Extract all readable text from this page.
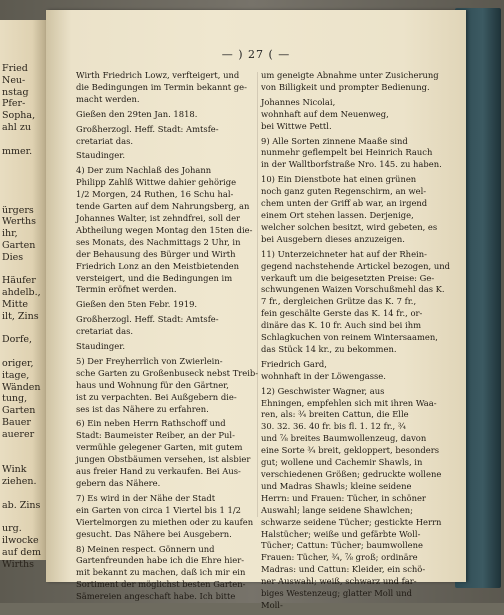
Fried
Neu-
nstag
Pfer-
Sopha,
ahl zu
mmer.
ürgers
Werths
ihr,
Garten
Dies
Häufer
ahdelb.,
Mitte
ilt, Zins
Dorfe,
origer,
itage,
Wänden
tung,
Garten
Bauer
auerer
Wink
ziehen.
ab. Zins
urg.
ilwocke
auf dem
Wirths
— ) 27 ( —

Wirth Friedrich Lowz, verfteigert, und
die Bedingungen im Termin bekannt ge-
macht werden.

Gießen den 29ten Jan. 1818.

Großherzogl. Heff. Stadt: Amtsfe-
cretariat das.

Staudinger.

4) Der zum Nachlaß des Johann
Philipp Zahlß Wittwe dahier gehörige
1/2 Morgen, 24 Ruthen, 16 Schu hal-
tende Garten auf dem Nahrungsberg, an
Johannes Walter, ist zehndfrei, soll der
Abtheilung wegen Montag den 15ten die-
ses Monats, des Nachmittags 2 Uhr, in
der Behausung des Bürger und Wirth
Friedrich Lonz an den Meistbietenden
versteigert, und die Bedingungen im
Termin eröfnet werden.

Gießen den 5ten Febr. 1919.

Großherzogl. Heff. Stadt: Amtsfe-
cretariat das.

Staudinger.

5) Der Freyherrlich von Zwierlein-
sche Garten zu Großenbuseck nebst Treib-
haus und Wohnung für den Gärtner,
ist zu verpachten. Bei Außgebern die-
ses ist das Nähere zu erfahren.

6) Ein neben Herrn Rathschoff und
Stadt: Baumeister Reiber, an der Pul-
vermühle gelegener Garten, mit gutem
jungen Obstbäumen versehen, ist alsbier
aus freier Hand zu verkaufen. Bei Aus-
gebern das Nähere.

7) Es wird in der Nähe der Stadt
ein Garten von circa 1 Viertel bis 1 1/2
Viertelmorgen zu miethen oder zu kaufen
gesucht. Das Nähere bei Ausgebern.

8) Meinen respect. Gönnern und
Gartenfreunden habe ich die Ehre hier-
mit bekannt zu machen, daß ich mir ein
Sortiment der möglichst besten Garten-
Sämereien angeschaft habe. Ich bitte

um geneigte Abnahme unter Zusicherung
von Billigkeit und prompter Bedienung.

Johannes Nicolai,
wohnhaft auf dem Neuenweg,
bei Wittwe Pettl.

9) Alle Sorten zinnene Maaße sind
nunmehr geflempelt bei Heinrich Rauch
in der Walltborfstraße Nro. 145. zu haben.

10) Ein Dienstbote hat einen grünen
noch ganz guten Regenschirm, an wel-
chem unten der Griff ab war, an irgend
einem Ort stehen lassen. Derjenige,
welcher solchen besitzt, wird gebeten, es
bei Ausgebern dieses anzuzeigen.

11) Unterzeichneter hat auf der Rhein-
gegend nachstehende Artickel bezogen, und
verkauft um die beigesetzten Preise: Ge-
schwungenen Waizen Vorschußmehl das K.
7 fr., dergleichen Grütze das K. 7 fr.,
fein geschälte Gerste das K. 14 fr., or-
dinäre das K. 10 fr. Auch sind bei ihm
Schlagkuchen von reinem Wintersaamen,
das Stück 14 kr., zu bekommen.

Friedrich Gard,
wohnhaft in der Löwengasse.

12) Geschwister Wagner, aus
Ehningen, empfehlen sich mit ihren Waa-
ren, als: ¾ breiten Cattun, die Elle
30. 32. 36. 40 fr. bis fl. 1. 12 fr., ¾
und ⅞ breites Baumwollenzeug, davon
eine Sorte ¾ breit, gekloppert, besonders
gut; wollene und Cachemir Shawls, in
verschiedenen Größen; gedruckte wollene
und Madras Shawls; kleine seidene
Herrn: und Frauen: Tücher, in schöner
Auswahl; lange seidene Shawlchen;
schwarze seidene Tücher; gestickte Herrn
Halstücher; weiße und gefärbte Woll-
Tücher; Cattun: Tücher; baumwollene
Frauen: Tücher, ¾, ⅞ groß; ordinäre
Madras: und Cattun: Kleider, ein schö-
ner Auswahl; weiß, schwarz und far-
biges Westenzeug; glatter Moll und
Moll-
